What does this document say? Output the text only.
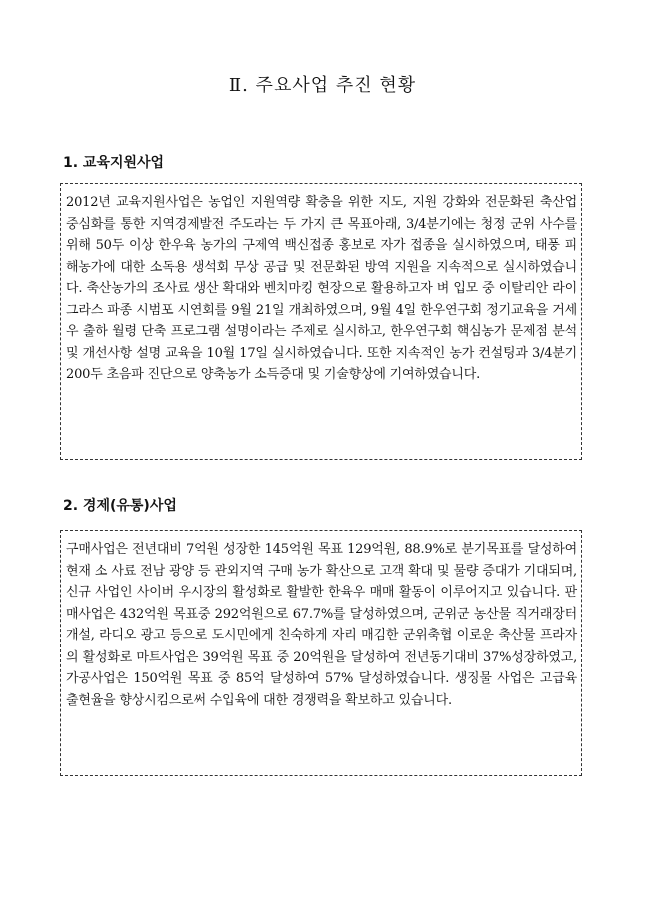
Ⅱ. 주요사업 추진 현황
1. 교육지원사업

2012년 교육지원사업은 농업인 지원역량 확충을 위한 지도, 지원 강화와 전문화된 축산업 중심화를 통한 지역경제발전 주도라는 두 가지 큰 목표아래, 3/4분기에는 청정 군위 사수를 위해 50두 이상 한우육 농가의 구제역 백신접종 홍보로 자가 접종을 실시하였으며, 태풍 피해농가에 대한 소독용 생석회 무상 공급 및 전문화된 방역 지원을 지속적으로 실시하였습니다. 축산농가의 조사료 생산 확대와 벤치마킹 현장으로 활용하고자 벼 입모 중 이탈리안 라이그라스 파종 시범포 시연회를 9월 21일 개최하였으며, 9월 4일 한우연구회 정기교육을 거세우 출하 월령 단축 프로그램 설명이라는 주제로 실시하고, 한우연구회 핵심농가 문제점 분석 및 개선사항 설명 교육을 10월 17일 실시하였습니다. 또한 지속적인 농가 컨설팅과 3/4분기 200두 초음파 진단으로 양축농가 소득증대 및 기술향상에 기여하였습니다.

2. 경제(유통)사업

구매사업은 전년대비 7억원 성장한 145억원 목표 129억원, 88.9%로 분기목표를 달성하여 현재 소 사료 전남 광양 등 관외지역 구매 농가 확산으로 고객 확대 및 물량 증대가 기대되며, 신규 사업인 사이버 우시장의 활성화로 활발한 한육우 매매 활동이 이루어지고 있습니다. 판매사업은 432억원 목표중 292억원으로 67.7%를 달성하였으며, 군위군 농산물 직거래장터 개설, 라디오 광고 등으로 도시민에게 친숙하게 자리 매김한 군위축협 이로운 축산물 프라자의 활성화로 마트사업은 39억원 목표 중 20억원을 달성하여 전년동기대비 37%성장하였고, 가공사업은 150억원 목표 중 85억 달성하여 57% 달성하였습니다. 생징물 사업은 고급육 출현율을 향상시킴으로써 수입육에 대한 경쟁력을 확보하고 있습니다.
